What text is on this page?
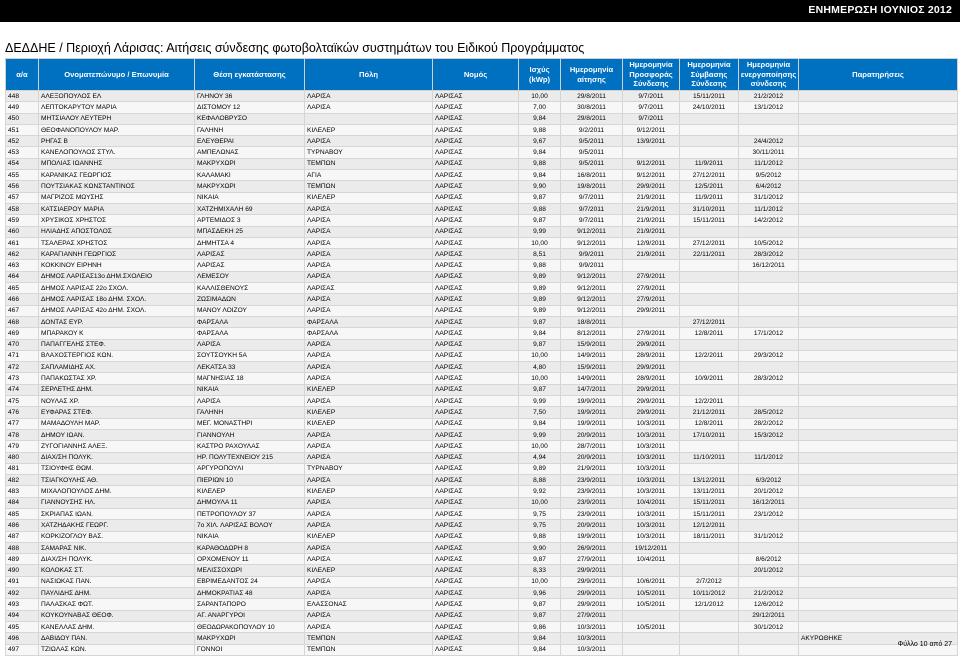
ΕΝΗΜΕΡΩΣΗ ΙΟΥΝΙΟΣ 2012
ΔΕΔΔΗΕ / Περιοχή Λάρισας: Αιτήσεις σύνδεσης φωτοβολταϊκών συστημάτων του Ειδικού Προγράμματος
α/α	Ονοματεπώνυμο / Επωνυμία	Θέση εγκατάστασης	Πόλη	Νομός	Ισχύς (kWp)	Ημερομηνία αίτησης	Ημερομηνία Προσφοράς Σύνδεσης	Ημερομηνία Σύμβασης Σύνδεσης	Ημερομηνία ενεργοποίησης σύνδεσης	Παρατηρήσεις
448	ΑΛΕΞΟΠΟΥΛΟΣ ΕΛ	ΓΛΗΝΟΥ 36	ΛΑΡΙΣΑ	ΛΑΡΙΣΑΣ	10,00	29/8/2011	9/7/2011	15/11/2011	21/2/2012	
449	ΛΕΠΤΟΚΑΡΥΤΟΥ ΜΑΡΙΑ	ΔΙΣΤΟΜΟΥ 12	ΛΑΡΙΣΑ	ΛΑΡΙΣΑΣ	7,00	30/8/2011	9/7/2011	24/10/2011	13/1/2012	
450	ΜΗΤΣΙΑΛΟΥ ΛΕΥΤΕΡΗ	ΚΕΦΑΛΟΒΡΥΣΟ		ΛΑΡΙΣΑΣ	9,84	29/8/2011	9/7/2011			
451	ΘΕΟΦΑΝΟΠΟΥΛΟΥ ΜΑΡ.	ΓΑΛΗΝΗ	ΚΙΛΕΛΕΡ	ΛΑΡΙΣΑΣ	9,88	9/2/2011	9/12/2011			
452	ΡΗΓΑΣ Β	ΕΛΕΥΘΕΡΑΙ	ΛΑΡΙΣΑ	ΛΑΡΙΣΑΣ	9,67	9/5/2011	13/9/2011		24/4/2012	
453	ΚΑΝΕΛΟΠΟΥΛΟΣ ΣΤΥΛ.	ΑΜΠΕΛΩΝΑΣ	ΤΥΡΝΑΒΟΥ	ΛΑΡΙΣΑΣ	9,84	9/5/2011			30/11/2011	
454	ΜΠΟΛΙΑΣ ΙΩΑΝΝΗΣ	ΜΑΚΡΥΧΩΡΙ	ΤΕΜΠΩΝ	ΛΑΡΙΣΑΣ	9,88	9/5/2011	9/12/2011	11/9/2011	11/1/2012	
455	ΚΑΡΑΝΙΚΑΣ ΓΕΩΡΓΙΟΣ	ΚΑΛΑΜΑΚΙ	ΑΓΙΑ	ΛΑΡΙΣΑΣ	9,84	16/8/2011	9/12/2011	27/12/2011	9/5/2012	
456	ΠΟΥΤΣΙΑΚΑΣ ΚΩΝΣΤΑΝΤΙΝΟΣ	ΜΑΚΡΥΧΩΡΙ	ΤΕΜΠΩΝ	ΛΑΡΙΣΑΣ	9,90	19/8/2011	29/9/2011	12/5/2011	6/4/2012	
457	ΜΑΓΡΙΖΟΣ ΜΩΥΣΗΣ	ΝΙΚΑΙΑ	ΚΙΛΕΛΕΡ	ΛΑΡΙΣΑΣ	9,87	9/7/2011	21/9/2011	11/9/2011	31/1/2012	
458	ΚΑΤΣΙΑΕΡΟΥ ΜΑΡΙΑ	ΧΑΤΖΗΜΙΧΑΛΗ 69	ΛΑΡΙΣΑ	ΛΑΡΙΣΑΣ	9,88	9/7/2011	21/9/2011	31/10/2011	11/1/2012	
459	ΧΡΥΣΙΚΟΣ ΧΡΗΣΤΟΣ	ΑΡΤΕΜΙΔΟΣ 3	ΛΑΡΙΣΑ	ΛΑΡΙΣΑΣ	9,87	9/7/2011	21/9/2011	15/11/2011	14/2/2012	
460	ΗΛΙΑΔΗΣ ΑΠΟΣΤΟΛΟΣ	ΜΠΑΣΔΕΚΗ 25	ΛΑΡΙΣΑ	ΛΑΡΙΣΑΣ	9,99	9/12/2011	21/9/2011			
461	ΤΣΑΛΕΡΑΣ ΧΡΗΣΤΟΣ	ΔΗΜΗΤΣΑ 4	ΛΑΡΙΣΑ	ΛΑΡΙΣΑΣ	10,00	9/12/2011	12/9/2011	27/12/2011	10/5/2012	
462	ΚΑΡΑΓΙΑΝΝΗ ΓΕΩΡΓΙΟΣ	ΛΑΡΙΣΑΣ	ΛΑΡΙΣΑ	ΛΑΡΙΣΑΣ	8,51	9/9/2011	21/9/2011	22/11/2011	28/3/2012	
463	ΚΟΚΚΙΝΟΥ ΕΙΡΗΝΗ	ΛΑΡΙΣΑΣ	ΛΑΡΙΣΑ	ΛΑΡΙΣΑΣ	9,88	9/9/2011			16/12/2011	
464	ΔΗΜΟΣ ΛΑΡΙΣΑΣ13ο ΔΗΜ.ΣΧΟΛΕΙΟ	ΛΕΜΕΣΟΥ	ΛΑΡΙΣΑ	ΛΑΡΙΣΑΣ	9,89	9/12/2011	27/9/2011			
465	ΔΗΜΟΣ ΛΑΡΙΣΑΣ 22ο ΣΧΟΛ.	ΚΑΛΛΙΣΘΕΝΟΥΣ	ΛΑΡΙΣΑΣ	ΛΑΡΙΣΑΣ	9,89	9/12/2011	27/9/2011			
466	ΔΗΜΟΣ ΛΑΡΙΣΑΣ 18ο ΔΗΜ. ΣΧΟΛ.	ΖΩΣΙΜΑΔΩΝ	ΛΑΡΙΣΑ	ΛΑΡΙΣΑΣ	9,89	9/12/2011	27/9/2011			
467	ΔΗΜΟΣ ΛΑΡΙΣΑΣ 42ο ΔΗΜ. ΣΧΟΛ.	ΜΑΝΟΥ ΛΟΙΖΟΥ	ΛΑΡΙΣΑ	ΛΑΡΙΣΑΣ	9,89	9/12/2011	29/9/2011			
468	ΔΟΝΤΑΣ ΕΥΡ.	ΦΑΡΣΑΛΑ	ΦΑΡΣΑΛΑ	ΛΑΡΙΣΑΣ	9,87	18/8/2011		27/12/2011		
469	ΜΠΑΡΑΚΟΥ Κ	ΦΑΡΣΑΛΑ	ΦΑΡΣΑΛΑ	ΛΑΡΙΣΑΣ	9,84	8/12/2011	27/9/2011	12/8/2011	17/1/2012	
470	ΠΑΠΑΓΓΕΛΗΣ ΣΤΕΦ.	ΛΑΡΙΣΑ	ΛΑΡΙΣΑ	ΛΑΡΙΣΑΣ	9,87	15/9/2011	29/9/2011			
471	ΒΛΑΧΟΣΤΕΡΓΙΟΣ ΚΩΝ.	ΣΟΥΤΣΟΥΚΗ 5Α	ΛΑΡΙΣΑ	ΛΑΡΙΣΑΣ	10,00	14/9/2011	28/9/2011	12/2/2011	29/3/2012	
472	ΣΑΠΛΑΜΙΔΗΣ ΑΧ.	ΛΕΚΑΤΣΑ 33	ΛΑΡΙΣΑ	ΛΑΡΙΣΑΣ	4,80	15/9/2011	29/9/2011			
473	ΠΑΠΑΚΩΣΤΑΣ ΧΡ.	ΜΑΓΝΗΣΙΑΣ 18	ΛΑΡΙΣΑ	ΛΑΡΙΣΑΣ	10,00	14/9/2011	28/9/2011	10/9/2011	28/3/2012	
474	ΣΕΡΛΕΤΗΣ ΔΗΜ.	ΝΙΚΑΙΑ	ΚΙΛΕΛΕΡ	ΛΑΡΙΣΑΣ	9,87	14/7/2011	29/9/2011			
475	ΝΟΥΛΑΣ ΧΡ.	ΛΑΡΙΣΑ	ΛΑΡΙΣΑ	ΛΑΡΙΣΑΣ	9,99	19/9/2011	29/9/2011	12/2/2011		
476	ΕΥΦΑΡΑΣ ΣΤΕΦ.	ΓΑΛΗΝΗ	ΚΙΛΕΛΕΡ	ΛΑΡΙΣΑΣ	7,50	19/9/2011	29/9/2011	21/12/2011	28/5/2012	
477	ΜΑΜΑΔΟΥΛΗ ΜΑΡ.	ΜΕΓ. ΜΟΝΑΣΤΗΡΙ	ΚΙΛΕΛΕΡ	ΛΑΡΙΣΑΣ	9,84	19/9/2011	10/3/2011	12/8/2011	28/2/2012	
478	ΔΗΜΟΥ ΙΩΑΝ.	ΓΙΑΝΝΟΥΛΗ	ΛΑΡΙΣΑ	ΛΑΡΙΣΑΣ	9,99	20/9/2011	10/3/2011	17/10/2011	15/3/2012	
479	ΖΥΓΟΓΙΑΝΝΗΣ ΑΛΕΞ.	ΚΑΣΤΡΟ ΡΑΧΟΥΛΑΣ	ΛΑΡΙΣΑ	ΛΑΡΙΣΑΣ	10,00	28/7/2011	10/3/2011			
480	ΔΙΑΧ/ΣΗ ΠΟΛΥΚ.	ΗΡ. ΠΟΛΥΤΕΧΝΕΙΟΥ 215	ΛΑΡΙΣΑ	ΛΑΡΙΣΑΣ	4,94	20/9/2011	10/3/2011	11/10/2011	11/1/2012	
481	ΤΣΙΟΥΦΗΣ ΘΩΜ.	ΑΡΓΥΡΟΠΟΥΛΙ	ΤΥΡΝΑΒΟΥ	ΛΑΡΙΣΑΣ	9,89	21/9/2011	10/3/2011			
482	ΤΣΙΑΓΚΟΥΛΗΣ ΑΘ.	ΠΙΕΡΙΩΝ 10	ΛΑΡΙΣΑ	ΛΑΡΙΣΑΣ	8,88	23/9/2011	10/3/2011	13/12/2011	6/3/2012	
483	ΜΙΧΑΛΟΠΟΥΛΟΣ ΔΗΜ.	ΚΙΛΕΛΕΡ	ΚΙΛΕΛΕΡ	ΛΑΡΙΣΑΣ	9,92	23/9/2011	10/3/2011	13/11/2011	20/1/2012	
484	ΓΙΑΝΝΟΥΣΗΣ ΗΛ.	ΔΗΜΟΥΛΑ 11	ΛΑΡΙΣΑ	ΛΑΡΙΣΑΣ	10,00	23/9/2011	10/4/2011	15/11/2011	16/12/2011	
485	ΣΚΡΙΑΠΑΣ ΙΩΑΝ.	ΠΕΤΡΟΠΟΥΛΟΥ 37	ΛΑΡΙΣΑ	ΛΑΡΙΣΑΣ	9,75	23/9/2011	10/3/2011	15/11/2011	23/1/2012	
486	ΧΑΤΖΗΔΑΚΗΣ ΓΕΩΡΓ.	7ο ΧΙΛ. ΛΑΡΙΣΑΣ ΒΟΛΟΥ	ΛΑΡΙΣΑ	ΛΑΡΙΣΑΣ	9,75	20/9/2011	10/3/2011	12/12/2011		
487	ΚΟΡΚΙΖΟΓΛΟΥ ΒΑΣ.	ΝΙΚΑΙΑ	ΚΙΛΕΛΕΡ	ΛΑΡΙΣΑΣ	9,88	19/9/2011	10/3/2011	18/11/2011	31/1/2012	
488	ΣΑΜΑΡΑΣ ΝΙΚ.	ΚΑΡΑΘΟΔΩΡΗ 8	ΛΑΡΙΣΑ	ΛΑΡΙΣΑΣ	9,90	26/9/2011	19/12/2011			
489	ΔΙΑΧ/ΣΗ ΠΟΛΥΚ.	ΟΡΧΟΜΕΝΟΥ 11	ΛΑΡΙΣΑ	ΛΑΡΙΣΑΣ	9,87	27/9/2011	10/4/2011		8/6/2012	
490	ΚΟΛΟΚΑΣ ΣΤ.	ΜΕΛΙΣΣΟΧΩΡΙ	ΚΙΛΕΛΕΡ	ΛΑΡΙΣΑΣ	8,33	29/9/2011			20/1/2012	
491	ΝΑΣΙΩΚΑΣ ΠΑΝ.	ΕΒΡΙΜΕΔΑΝΤΟΣ 24	ΛΑΡΙΣΑ	ΛΑΡΙΣΑΣ	10,00	29/9/2011	10/6/2011	2/7/2012		
492	ΠΑΥΛΙΔΗΣ ΔΗΜ.	ΔΗΜΟΚΡΑΤΙΑΣ 48	ΛΑΡΙΣΑ	ΛΑΡΙΣΑΣ	9,96	29/9/2011	10/5/2011	10/11/2012	21/2/2012	
493	ΠΑΛΑΣΚΑΣ ΦΩΤ.	ΣΑΡΑΝΤΑΠΟΡΟ	ΕΛΑΣΣΟΝΑΣ	ΛΑΡΙΣΑΣ	9,87	29/9/2011	10/5/2011	12/1/2012	12/6/2012	
494	ΚΟΥΚΟΥΝΑΒΑΣ ΘΕΟΦ.	ΑΓ. ΑΝΑΡΓΥΡΟΙ	ΛΑΡΙΣΑ	ΛΑΡΙΣΑΣ	9,87	27/9/2011			29/12/2011	
495	ΚΑΝΕΛΛΑΣ ΔΗΜ.	ΘΕΟΔΩΡΑΚΟΠΟΥΛΟΥ 10	ΛΑΡΙΣΑ	ΛΑΡΙΣΑΣ	9,86	10/3/2011	10/5/2011		30/1/2012	
496	ΔΑΒΙΔΟΥ ΠΑΝ.	ΜΑΚΡΥΧΩΡΙ	ΤΕΜΠΩΝ	ΛΑΡΙΣΑΣ	9,84	10/3/2011				ΑΚΥΡΩΘΗΚΕ
497	ΤΖΙΩΛΑΣ ΚΩΝ.	ΓΟΝΝΟΙ	ΤΕΜΠΩΝ	ΛΑΡΙΣΑΣ	9,84	10/3/2011				
Φύλλο 10 από 27
